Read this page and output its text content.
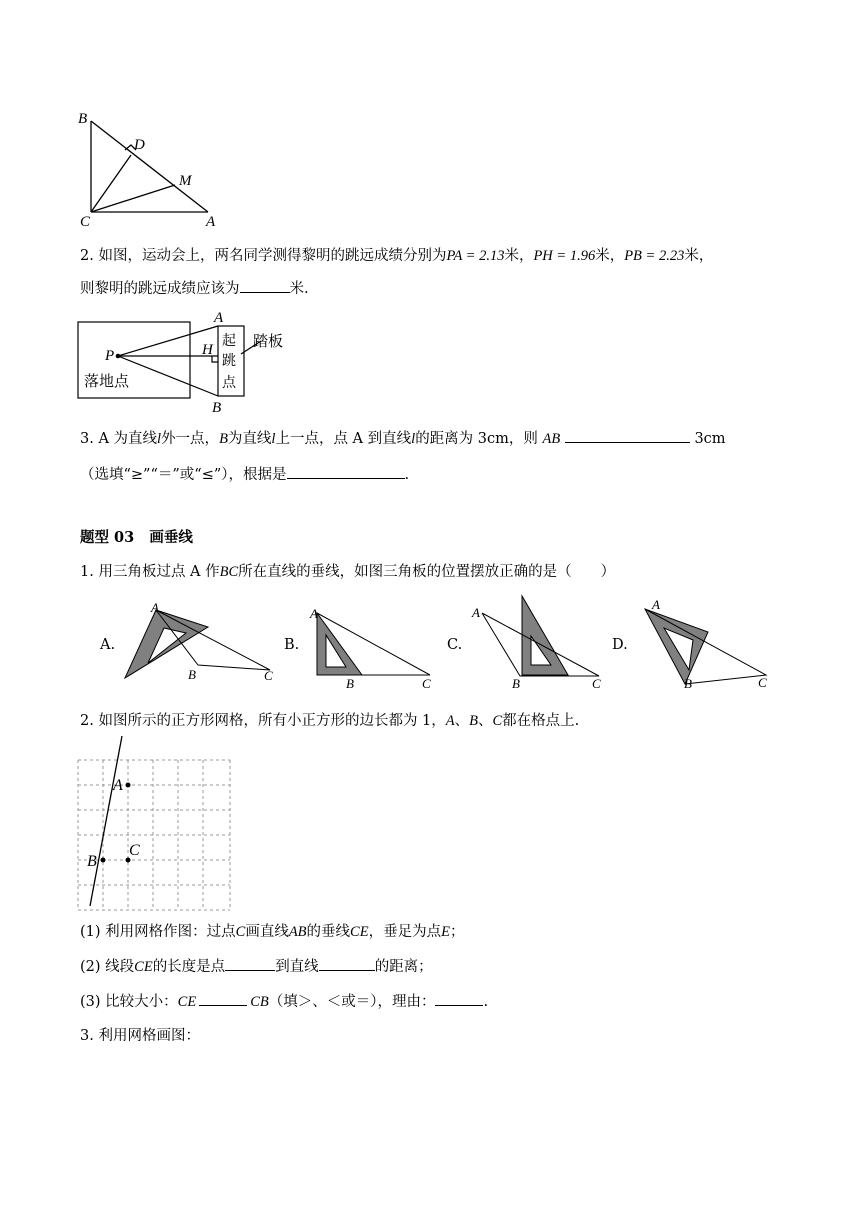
B
D
M
C	A
2. 如图，运动会上，两名同学测得黎明的跳远成绩分别为PA = 2.13米，PH = 1.96米，PB = 2.23米，
则黎明的跳远成绩应该为	米.
A
B
P	H	踏板
起
跳
点
落地点
3. A 为直线l外一点，B为直线l上一点，点 A 到直线l的距离为 3cm，则 AB	3cm
（选填“≥”“＝”或“≤”），根据是	.
题型 03 画垂线
1. 用三角板过点 A 作BC所在直线的垂线，如图三角板的位置摆放正确的是（　　）
A.
A
B	C
B.
A
B	C
C.
A
B	C
D.
A
B	C
2. 如图所示的正方形网格，所有小正方形的边长都为 1，A、B、C都在格点上.
A
B
C
(1) 利用网格作图：过点C画直线AB的垂线CE，垂足为点E；
(2) 线段CE的长度是点	到直线	的距离；
(3) 比较大小：CE	CB（填＞、＜或＝），理由：	.
3. 利用网格画图：
